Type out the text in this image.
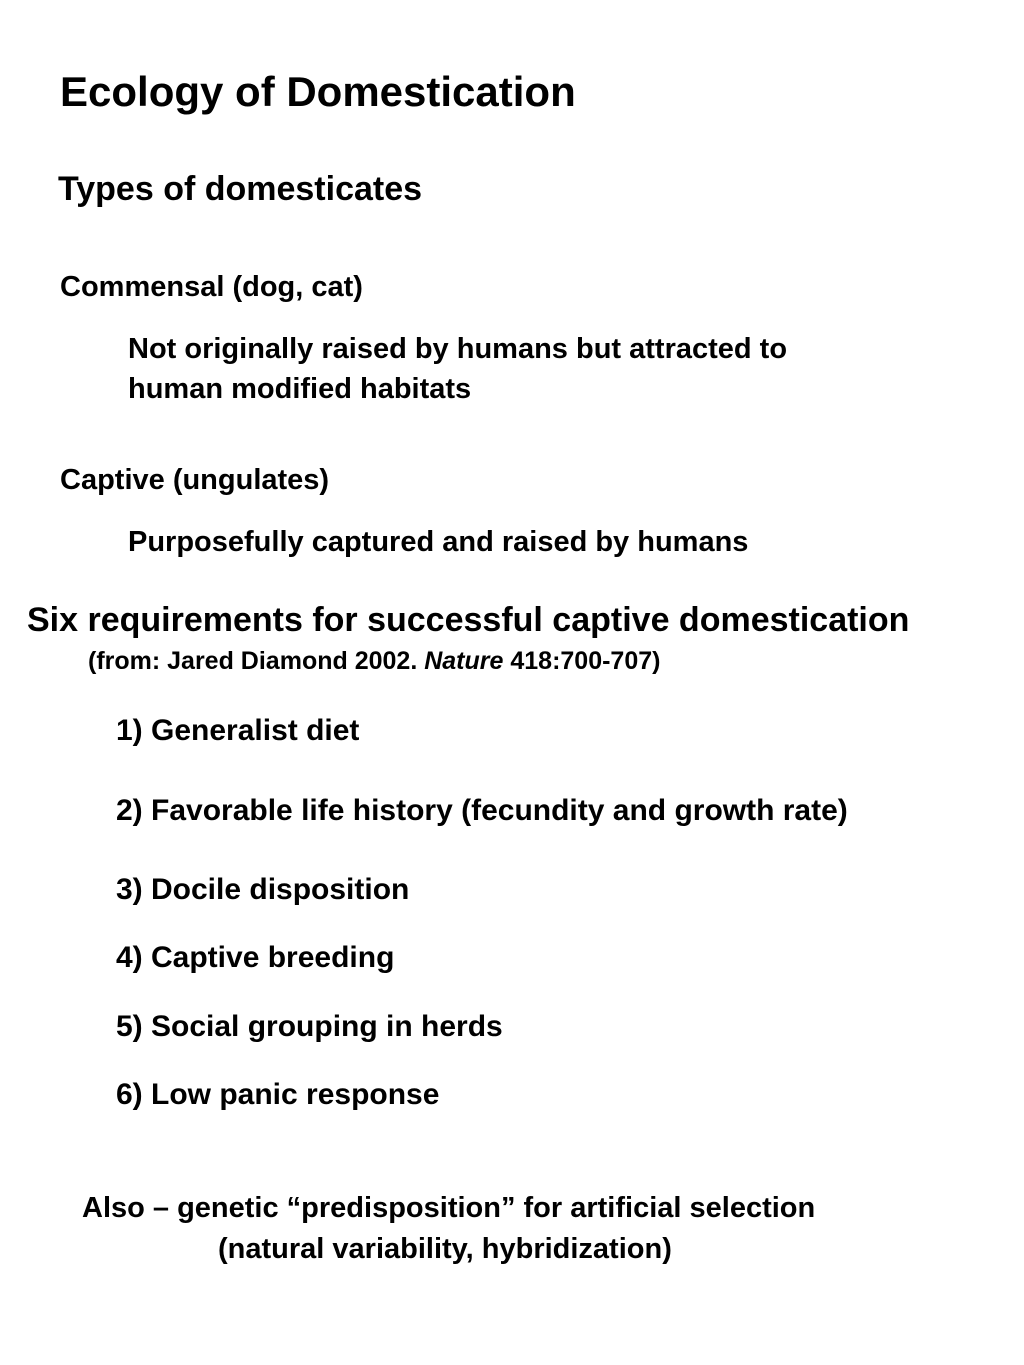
Ecology of Domestication
Types of domesticates
Commensal (dog, cat)
Not originally raised by humans but attracted to
human modified habitats
Captive (ungulates)
Purposefully captured and raised by humans
Six requirements for successful captive domestication
(from: Jared Diamond 2002. Nature 418:700-707)
1) Generalist diet
2) Favorable life history (fecundity and growth rate)
3) Docile disposition
4) Captive breeding
5) Social grouping in herds
6) Low panic response
Also – genetic “predisposition” for artificial selection
(natural variability, hybridization)
